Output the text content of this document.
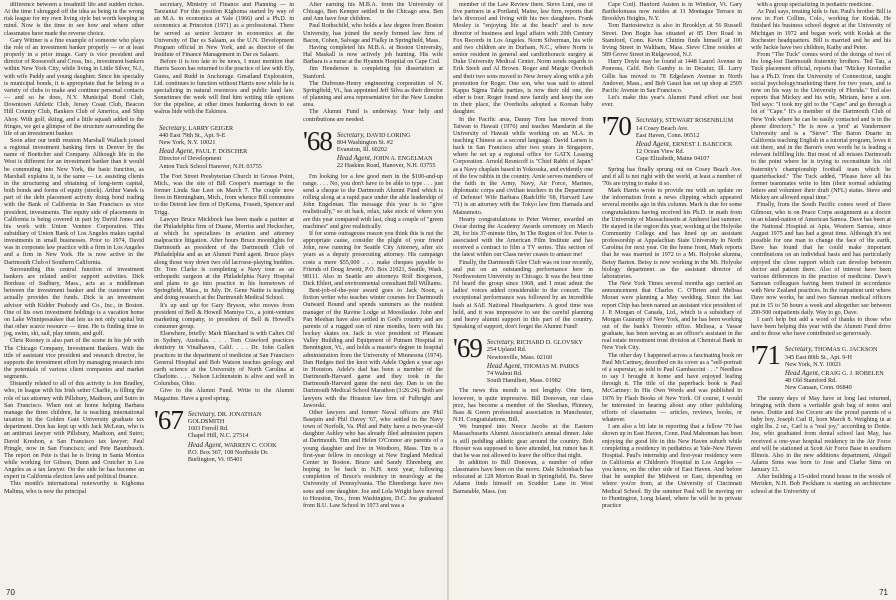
difference between a treadmill life and sudden riches. At the time I shrugged off the idea as being in the wrong risk league for my own living style but worth keeping in mind. Now is the time to see how and where other classmates have made the reverse choice.

Gary Wittner is a fine example of someone who plays the role of an investment banker properly — or at least properly in a prior image. Gary is vice president and director of Roosevelt and Cross, Inc., investment bankers within New York City, while living in Little Silver, N.J., with wife Paddy and young daughter. Since his specialty is municipal bonds, it is appropriate that he belong to a variety of clubs to make and continue personal contacts — and so he does, N.Y. Municipal Bond Club, Downtown Athletic Club, Jersey Coast Club, Beacon Hill Country Club, Bankers Club of America, and Ship Ahoy. With golf, skiing, and a little squash added to the fringes, we get a glimpse of the structure surrounding the life of an investment banker.

Soon after our tenth reunion Marshall Wallach joined a regional investment banking firm in Denver by the name of Boettcher and Company. Although life in the West is different for an investment banker than it would be commuting into New York, the basic function, as Marshall explains it, is the same — i.e. assisting clients in the structuring and obtaining of long-term capital, both bonds and forms of equity (stock). Arthur Vanek is part of the debt placement activity doing bond trading with the Bank of California in San Francisco as vice president, investments. The equity side of placements in California is being covered in part by David Jones and his work with Union Venture Corporation. This subsidiary of Union Bank of Los Angeles makes capital investments in small businesses. Prior to 1974, David was in corporate law practice with a firm in Los Angeles and a firm in New York. He is now active in the Dartmouth Club of Southern California.

Surrounding this central function of investment bankers are related and/or support activities. Dick Bordeau of Sudbury, Mass., acts as a middleman between the investment banker and the customer who actually provides the funds. Dick is an investment advisor with Kidder Peabody and Co., Inc., in Boston. One of his own investment holdings is a vacation home on Lake Winnipesaukee that lets us not only capital but that other scarce resource — time. He is finding time to jog, swim, ski, sail, play tennis, and golf.

Chris Rooney is also part of the scene in his job with The Chicago Company, Investment Bankers. With the title of assistant vice president and research director, he supports the investment effort by managing research into the potentials of various client companies and market segments.

Distantly related to all of this activity is Jon Bradley, who, in league with his Irish setter Charlie, is filling the role of tax attorney with Pillsbury, Madison, and Sutro in San Francisco. When not at home helping Barbara manage the three children, he is teaching international taxation in the Golden Gate University graduate tax department. Don has kept up with Jack McLean, who is an antitrust lawyer with Pillsbury, Madison, and Sutro; David Kreshon, a San Francisco tax lawyer; Paul Pringle, now in San Francisco; and Pete Baumbusch. The report on Pete is that he is living in Santa Monica while working for Gibson, Dunn and Crutcher in Los Angeles as a tax lawyer. On the side he has become an expert in California election laws and political finance.

This month's international noteworthy is Kighoma Malima, who is now the principal

secretary, Ministry of Finance and Planning — in Tanzania! For this position Kighoma started by way of an M.A. in economics at Yale (1966) and a Ph.D. in economics at Princeton (1971) as a professional. There he served as senior lecturer in economics at the University of Dar es Salaam, as the U.N. Development Program official in New York, and as director of the Institute of Finance Management in Dar es Salaam.

Before it is too late to be news, I must mention that Harris Saxon has returned to the practice of law with Ely, Guess, and Rudd in Anchorage. Greatland Exploration, Ltd. continues to function without Harris now while he is specializing in natural resources and public land law. Sometimes the week will find him writing title options for the pipeline, at other times hunkering down to eat walrus hide with the Eskimos.

Secretary, LARRY GEIGER
440 East 79th St., Apt. 9-E
New York, N.Y. 10021
Head Agent, PAUL F. DOSCHER
Director of Development
Anton Tuck School Hanover, N.H. 03755

The Fort Street Presbyterian Church in Grosse Point, Mich., was the site of Bill Cooper's marriage to the former Linda Sue Leet on March 7. The couple now lives in Birmingham, Mich., from whence Bill commutes to the Detroit law firm of DyKema, Fossett, Spencer and Trigg.

Lawyer Bruce Mickbock has been made a partner at the Philadelphia firm of Duane, Morriss and Heckscher, at which he specializes in aviation and attorney malpractice litigation. After hours Bruce moonlights for Dartmouth as president of the Dartmouth Club of Philadelphia and as an Alumni Fund agent. Bruce plays along those way down two old lacrosse-playing buddies. Dr. Tom Clarke is completing a Navy tour as an orthopedic surgeon at the Philadelphia Navy Hospital and plans to go into practice in his hometown of Springfield, Mass., in July. Dr. Gene Nattie is teaching and doing research at the Dartmouth Medical School.

It's up and up for Gary Bryson, who moves from president of Bell & Howell Mamiya Co., a joint-venture marketing company, to president of Bell & Howell's consumer group.

Elsewhere, briefly: Mark Blanchard is with Caltex Oil in Sydney, Australia. . . . Tom Crawford practices dentistry in Vinalhaven, Calif. . . . Dr. John Gullett practices in the department of medicine at San Francisco General Hospital and Bob Watson teaches geology and earth science at the University of North Carolina at Charlotte. . . . Nelson Lichtenstein is alive and well in Columbus, Ohio.

Give to the Alumni Fund. Write to the Alumni Magazine. Have a good spring.

'67 Secretary, DR. JONATHAN GOLDSMITH
1603 Ferrell Rd.
Chapel Hill, N.C. 27514
Head Agent, WARREN C. COOK
P.O. Box 367, 108 Northside Dr.
Burlington, Vt. 05401

After earning his M.B.A. from the University of Chicago, Ben Kemper settled in the Chicago area. Ben and Ann have four children.

Paul Rothschild, who holds a law degree from Boston University, has joined the newly formed law firm of Bacon, Cohen, Salvage and Fialky in Springfield, Mass.

Having completed his M.B.A. at Boston University, Hal Maskall is now actively job hunting. His wife Barbara is a nurse at the Hyannis Hospital on Cape Cod.

Jim Henderson is completing his dissertation at Stanford.

The Dufresne-Henry engineering corporation of N. Springfield, Vt., has appointed Jeff Silva as their director of planning and area representative for the New London area.

The Alumni Fund is underway. Your help and contributions are needed.

'68 Secretary, DAVID LORING
804 Washington St. #2
Evanston, Ill. 60202
Head Agent, JOHN A. ENGELMAN
22 Haskins Road, Hanover, N.H. 03755

I'm looking for a few good men in the $100-and-up range. . . . No, you don't have to be able to type . . . just send a cheque to the Dartmouth Alumni Fund which is rolling along at a rapid pace under the able leadership of John Engelman. The message this year is to "give realistically," so sit back, relax, take stock of where you are this year compared with last, chug a couple of "green machines" and give realistically.

If for some outrageous reason you think this is not the appropriate cause, consider the plight of your friend John, now running for Seattle City Attorney, after six years as a deputy prosecuting attorney. His campaign costs a mere $55,000 . . . make cheques payable to Friends of Doug Jewett, P.O. Box 21021, Seattle, Wash. 98111. Also in Seattle are attorneys Rolf Borgerson, Dick Ehlert, and environmental consultant Bill Williams.

Best-job-of-the-year award goes to Jack Noon, a fiction writer who teaches winter courses for Dartmouth Outward Bound and spends summers as the resident manager of the Ravine Lodge at Moosilauke. John and Pan Meehan have also settled in God's country and are parents of a rugged son of nine months, born with his hockey skates on. Jack is vice president of Pleasant Valley Building and Equipment of Putnam Hospital in Bennington, Vt., and holds a master's degree in hospital administration from the University of Minnesota (1974). Dan Hedges tied the knot with Adele Ogden a year ago in Houston. Adele's dad has been a member of the Dartmouth-Harvard game and they took in the Dartmouth-Harvard game the next day. Dan is on the Dartmouth Medical School Marathon (3:26:24). Both are lawyers with the Houston law firm of Fulbright and Jaworski.

Other lawyers and former Naval officers are Phil Basquin and Phil Davey '67, who settled in the Navy town of Norfolk, Va. Phil and Patty have a two-year-old daughter Ashley who has already filed admission papers at Dartmouth. Tim and Helen O'Connor are parents of a young daughter and live in Westboro, Mass. Tim is a first-year fellow in oncology at New England Medical Center in Boston. Bruce and Sandy Ehrenberg are hoping to be back in N.H. next year, following completion of Bruce's residency in neurology at the University of Pennsylvania. The Ehrenbergs have two sons and one daughter. Joe and Lola Wright have moved to Houston, Tex., from Washington, D.C. Joe graduated from B.U. Law School in 1973 and was a

70

member of the Law Review there. Steve Lunt, one of five partners in a Portland, Maine, law firm, reports that he's divorced and living with his two daughters. Frank Mosley is "enjoying life at the beach" and is now director of business and legal affairs with 20th Century Fox Records in Los Angeles. Norm Silverman, his wife and two children are in Durham, N.C., where Norm is senior resident in general and cardiothoracic surgery at Duke University Medical Center. Norm sends regards to Erik Steeh and Al Brown. Roger and Margie Overholt and their two sons moved to New Jersey along with a job promotion for Roger. One son, who was said to attend Kappa Sigma Tabla parties, is now their old one, the other is four. Roger found new family and keep the son in their place, the Overholts adopted a Korean baby daughter.

In the Pacific area, Danny Tom has moved from Taiwan to Hawaii (1976) and teaches Mandarin at the University of Hawaii while working on an M.A. in teaching Chinese as a second language. David Larsen is back in San Francisco after two years in Singapore, where he set up a regional office for GATX Leasing Corporation. Arnold Resnicoff is "Chief Rabbi of Japan" as a Navy chaplain based in Yokosuka, and evidently one of the few rabbis in the country. Arnie serves members of the faith in the Army, Navy, Air Force, Marines, diplomatic corps and civilian teachers in the Department of Defense! Wife Barbara (Radcliffe '68, Harvard Law '71) is an attorney with the Tokyo law firm Hamada and Matsumoto.

Hearty congratulations to Peter Werner, awarded an Oscar during the Academy Awards ceremony on March 28, for his 37-minute film, In The Region of Ice. Peter is associated with the American Film Institute and has received a contract to film a TV series. This section of the latest within our Class never ceases to amaze me!

Finally, the Dartmouth Glee Club was on tour recently, and put on an outstanding performance here in Northwestern University in Chicago. It was the best time I'd heard the group since 1968, and I must admit the ladies' voices added considerable to the concert. The exceptional performance was followed by an incredible bash at SAE National Headquarters. A good time was held, and it was impressive to see the careful planning and heavy alumni support in this part of the country. Speaking of support, don't forget the Alumni Fund!

'69 Secretary, RICHARD D. GLOVSKY
254 Upland Rd.
Newtonville, Mass. 02160
Head Agent, THOMAS M. PARKS
74 Walnut Rd.
South Hamilton, Mass. 01982

The news this month is not lengthy. One item, however, is quite impressive. Bill Donovan, our class prez, has become a member of the Sheehan, Phinney, Bass & Green professional association in Manchester, N.H. Congratulations, Bill.

We bumped into Neece Jacobs at the Eastern Massachusetts Alumni Association's annual dinner. Jake is still peddling athletic gear around the country. Bob Hooser was supposed to have attended, but rumor has it that he was not allowed to leave the office that night.

In addition to Bill Donovan, a number of other classmates have been on the move. Dale Schonbach has relocated at 128 Morton Road in Springfield, Pa. Steve Adams finds himself on Scudder Lane in West Barnstable, Mass. (on

Cape Cod). Hanford Austen is in Windsor, Vt. Gary Bartholomaus now resides at 11 Montague Terrace in Brooklyn Heights, N.Y.

Tom Bartosiewicz is also in Brooklyn at 56 Russell Street. Don Bogin has situated at 85 Den Road in Stamford, Conn. Kevin Chittim finds himself at 100 Irving Street in Waltham, Mass. Steve Cline resides at 589 Grove Street in Ridgewood, N.J.

Harry Doyle may be found at 1448 Laurel Avenue in Pomona, Calif. Bob Gamby is in Decatur, Ill. Larry Gillis has moved to 78 Edgelawn Avenue in North Andover, Mass., and Bob Gaust has set up shop at 2505 Pacific Avenue in San Francisco.

Let's make this year's Alumni Fund effort our best ever.

'70 Secretary, STEWART ROSENBLUM
14 Cosey Beach Ave.
East Haven, Conn. 06512
Head Agent, ERNEST J. BABCOCK
12 Ocean View Rd.
Cape Elizabeth, Maine 04107

Spring has finally sprung out on Cosey Beach Ave. and if all is not right with the world, at least a number of '70s are trying to make it so.

Mark Harris wrote to provide me with an update on the information from a news clipping which appeared several months ago in this column. Mark is due for some congratulations having received his Ph.D. in math from the University of Massachusetts at Amherst last summer. He stayed in the region this year, working at the Holyoke Community College and has lined up an assistant professorship at Appalachian State University in North Carolina for next year. On the home front, Mark reports that he was married in 1972 to a Mt. Holyoke alumna, Betsy Barton. Betsy is now working in the Mt. Holyoke biology department as the assistant director of laboratories.

The New York Times several months ago carried an announcement that Charles C. O'Brien and Melissa Moran were planning a May wedding. Since the last report Chip has been named an assistant vice president of J. P. Morgan of Canada, Ltd., which is a subsidiary of Morgan Guaranty of New York, and he has been working out of the bank's Toronto office. Melissa, a Vassar graduate, has been serving as an officer's assistant in the real estate investment trust division at Chemical Bank in New York City.

The other day I happened across a fascinating book on Paul McCartney, described on its cover as a "self-portrait of a superstar, as told to Paul Gambaccini . . ." Needless to say I brought it home and have enjoyed leafing through it. The title of the paperback book is Paul McCartney: In His Own Words and was published in 1976 by Flash Books of New York. Of course, I would be interested in hearing about any other publishing efforts of classmates — articles, reviews, books, or whatever.

I am also a bit late in reporting that a fellow '70 has shown up in East Haven, Conn. Paul Mahonnan has been enjoying the good life in this New Haven suburb while completing a residency in pediatrics at Yale-New Haven Hospital. Paul's internship and first-year residency were in California at Children's Hospital in Los Angeles — you know, on the other side of East Haven. And before that he sampled the Midwest or East, depending on where you're from, at the University of Cincinnati Medical School. By the summer Paul will be moving on to Huntington, Long Island, where he will be in private practice

with a group specializing in pediatric medicine.

As Paul says, treating kids is fun. Paul's brother Bill is now in Fort Collins, Colo., working for Kodak. He finished his business school degree at the University of Michigan in 1972 and began work with Kodak at the Rochester headquarters. Bill is married and he and his wife Jackie have two children, Kathy and Peter.

From "The Tuck" comes word of the doings of two of his long-lost Dartmouth fraternity brothers. Ted Tau, a Tuck placement official, reports that "Mickey Kreindler has a Ph.D. from the University of Connecticut, taught social psychology/marketing there for two years, and is now on his way to the University of Florida." Ted also reports that Mickey and his wife, Miriam, have a son. Ted says: "I took my girl to the "Cape" and go through a lot of "Cape." It's a member of the Dartmouth Club of New York where he can be easily contacted and is in the phone directory." He is now a 'prof' at Vandermeer University and is a "Steve" The Baron Duarte in California teaching English in a tutorial program, loves it out there, and in the Baron's own words he is leading a relevant fulfilling life. But most of all misses Dartmouth to the point where he is trying to reconstitute his old fraternity's championship football team which he quarterbacked." The Tuck added, "Please have all his former teammates write to him (their normal adulating letters and volunteer their draft (NFL) status. Steve and Mickey are allowed equal time."

Finally, from the South Pacific comes word of Dave Gilmour, who is on Peace Corps assignment as a doctor in an island-nation of American Samoa. Dave has been at the National Hospital at Apia, Western Samoa, since August 1975 and has had a great time. Although it's not possible for one man to change the face of the earth, Dave has found that he could make important contributions on an individual basis and has particularly enjoyed the close rapport which can develop between doctor and patient there. Also of interest have been various differences in the practice of medicine. Dave's Samoan colleagues having been trained in accordance with New Zealand practices. In the outpatient unit where Dave now works, he and two Samoan medical officers put in 15 to 50 hours a week and altogether see between 200-500 outpatients daily. Way to go, Dave.

I can't help but add a word of thanks to those who have been helping this year with the Alumni Fund drive and to those who have contributed so generously.

'71 Secretary, THOMAS G. JACKSON
345 East 80th St., Apt. 9-H
New York, N.Y. 10021
Head Agent, CRAIG G. J. ROBELEN
48 Old Stamford Rd.
New Canaan, Conn. 06840

The sunny days of May have at long last returned, bringing with them a veritable grab bag of notes and news. Dottie and Joe Cecere are the proud parents of a baby boy, Joseph Carl II, born March 8. Weighing in at eight lbs. 2 oz., Carl is a "real joy," according to Dottie. Joe, who graduated from dental school last May, has received a one-year hospital residency in the Air Force and will be stationed at Scott Air Force Base in southern Illinois. Also in the new additions department, Abigail Adams Sims was born to Jose and Clarke Sims on January 13.

After building a 15-sided round house in the woods of Meriden, N.H. Bob Peckham is starting an architecture school at the University of

71
